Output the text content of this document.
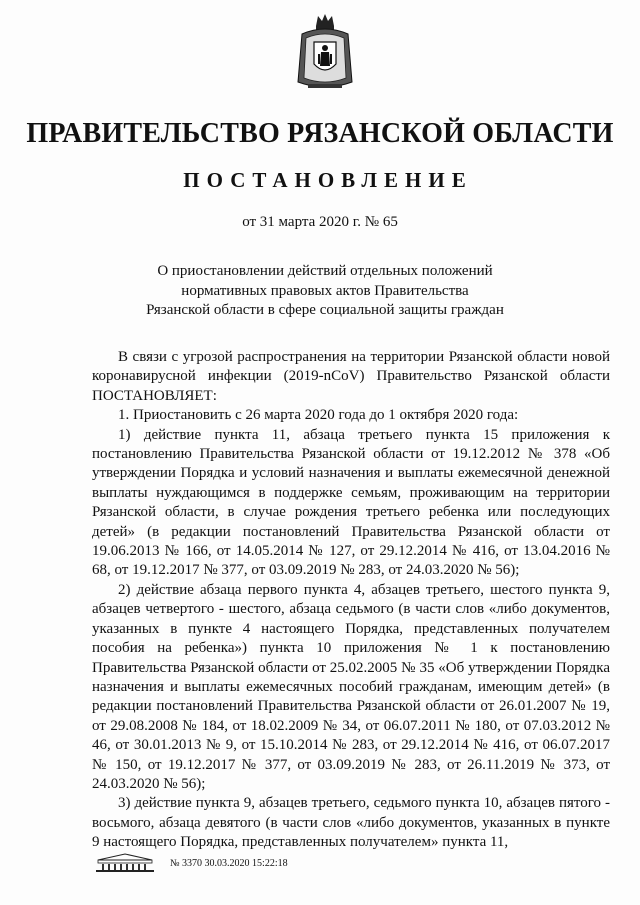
ПРАВИТЕЛЬСТВО РЯЗАНСКОЙ ОБЛАСТИ
ПОСТАНОВЛЕНИЕ
от 31 марта 2020 г. № 65
О приостановлении действий отдельных положений
нормативных правовых актов Правительства
Рязанской области в сфере социальной защиты граждан

В связи с угрозой распространения на территории Рязанской области новой коронавирусной инфекции (2019-nCoV) Правительство Рязанской области ПОСТАНОВЛЯЕТ:

1. Приостановить с 26 марта 2020 года до 1 октября 2020 года:

1) действие пункта 11, абзаца третьего пункта 15 приложения к постановлению Правительства Рязанской области от 19.12.2012 № 378 «Об утверждении Порядка и условий назначения и выплаты ежемесячной денежной выплаты нуждающимся в поддержке семьям, проживающим на территории Рязанской области, в случае рождения третьего ребенка или последующих детей» (в редакции постановлений Правительства Рязанской области от 19.06.2013 № 166, от 14.05.2014 № 127, от 29.12.2014 № 416, от 13.04.2016 № 68, от 19.12.2017 № 377, от 03.09.2019 № 283, от 24.03.2020 № 56);

2) действие абзаца первого пункта 4, абзацев третьего, шестого пункта 9, абзацев четвертого - шестого, абзаца седьмого (в части слов «либо документов, указанных в пункте 4 настоящего Порядка, представленных получателем пособия на ребенка») пункта 10 приложения № 1 к постановлению Правительства Рязанской области от 25.02.2005 № 35 «Об утверждении Порядка назначения и выплаты ежемесячных пособий гражданам, имеющим детей» (в редакции постановлений Правительства Рязанской области от 26.01.2007 № 19, от 29.08.2008 № 184, от 18.02.2009 № 34, от 06.07.2011 № 180, от 07.03.2012 № 46, от 30.01.2013 № 9, от 15.10.2014 № 283, от 29.12.2014 № 416, от 06.07.2017 № 150, от 19.12.2017 № 377, от 03.09.2019 № 283, от 26.11.2019 № 373, от 24.03.2020 № 56);

3) действие пункта 9, абзацев третьего, седьмого пункта 10, абзацев пятого - восьмого, абзаца девятого (в части слов «либо документов, указанных в пункте 9 настоящего Порядка, представленных получателем» пункта 11,

№ 3370 30.03.2020 15:22:18
